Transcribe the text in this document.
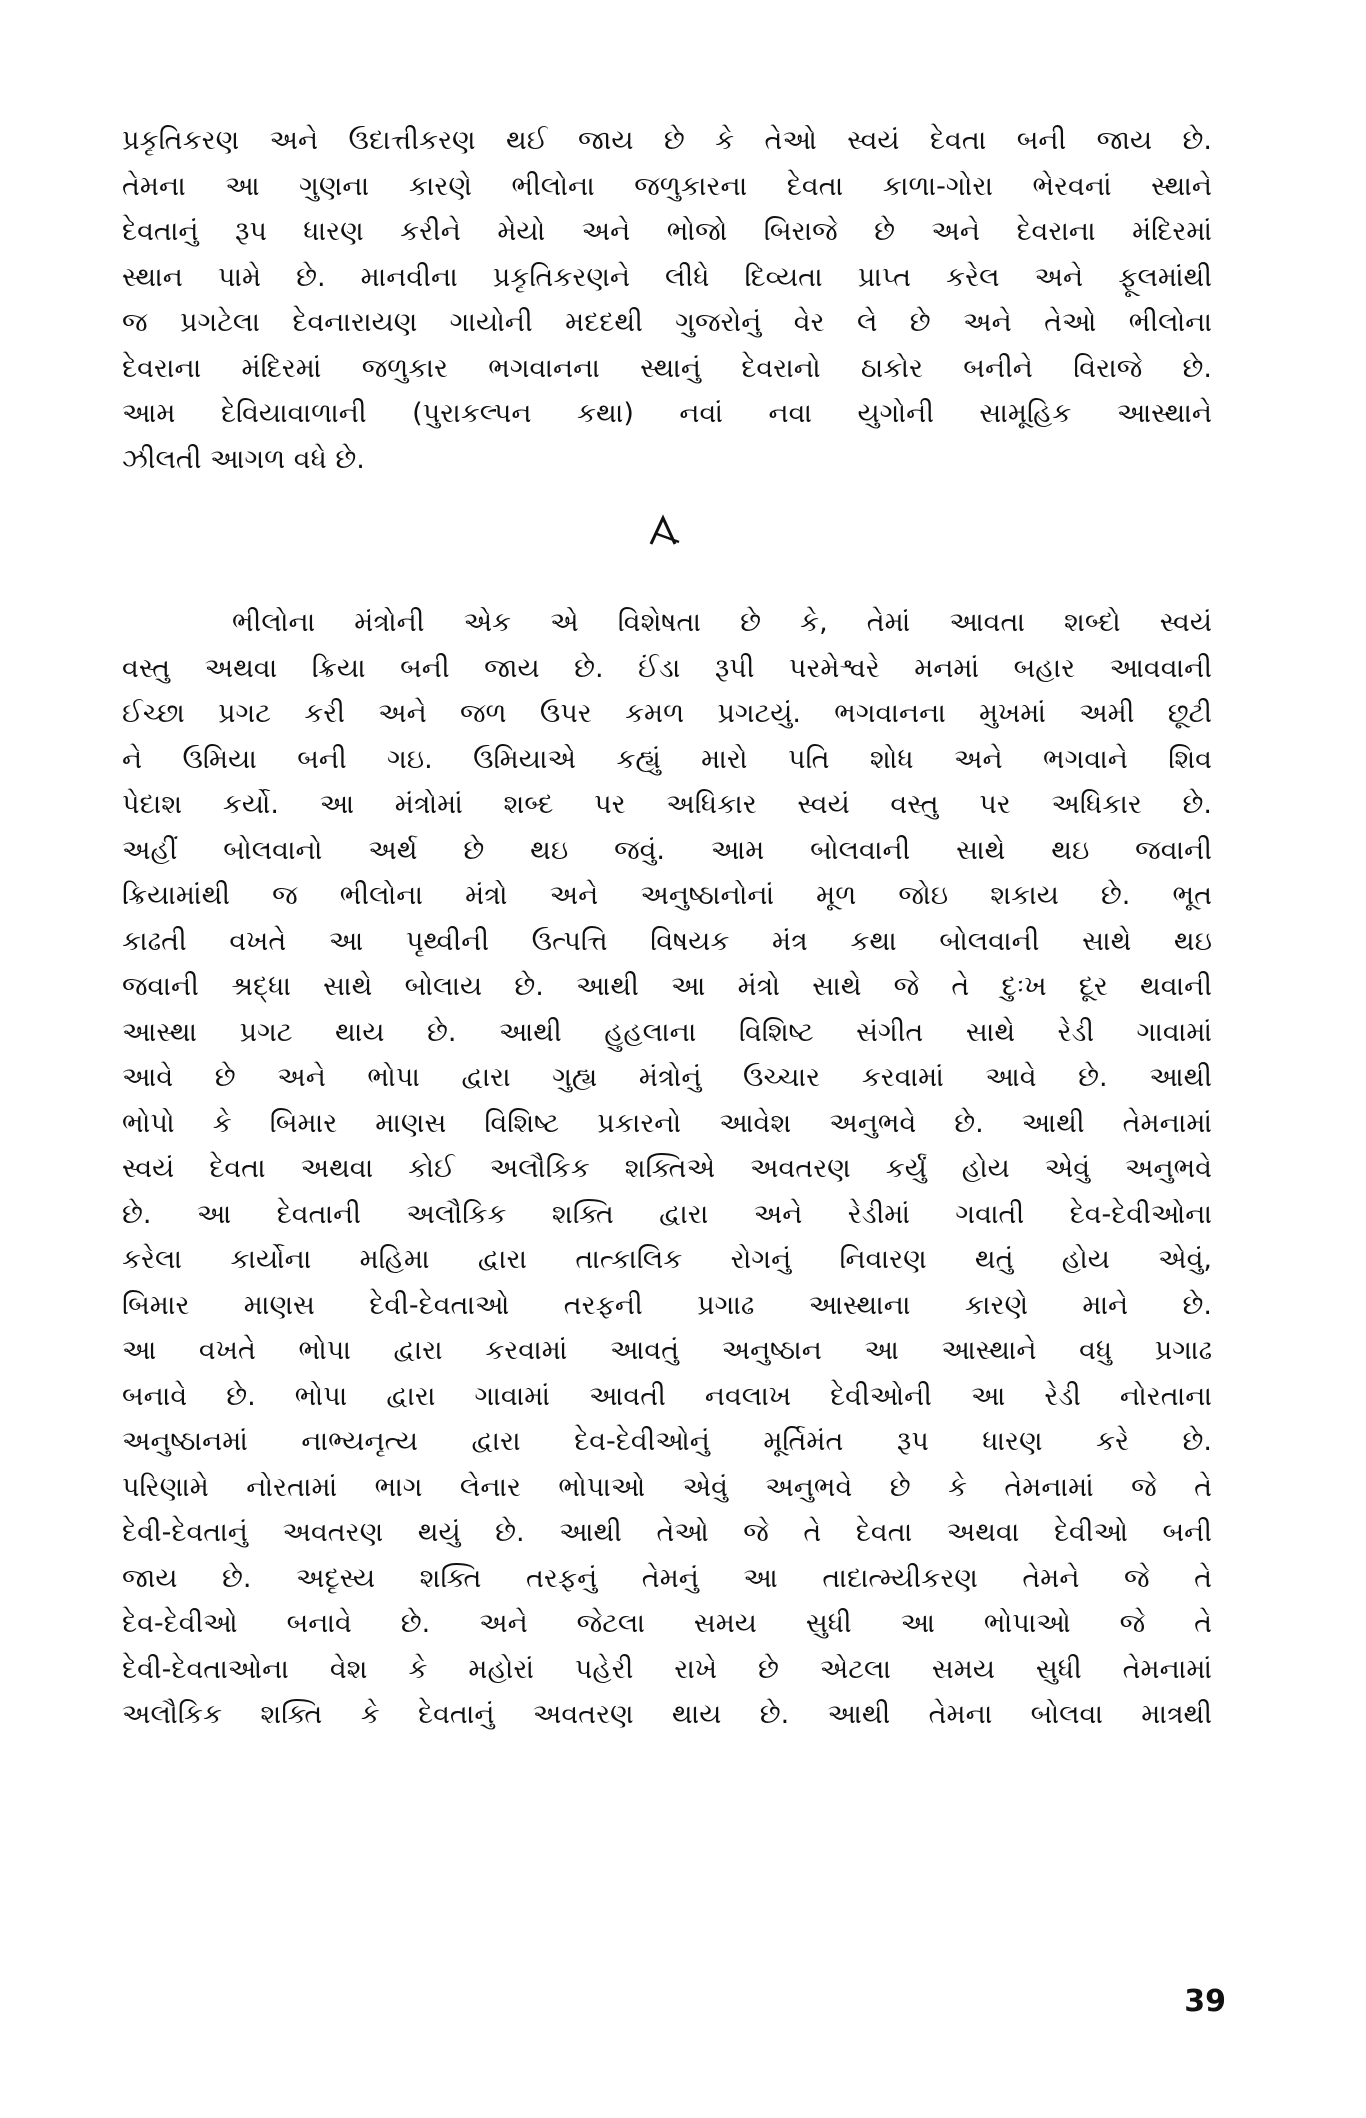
પ્રકૃતિકરણ અને ઉદાત્તીકરણ થઈ જાય છે કે તેઓ સ્વયં દેવતા બની જાય છે.
તેમના આ ગુણના કારણે ભીલોના જળુકારના દેવતા કાળા-ગોરા ભેરવનાં સ્થાને
દેવતાનું રૂપ ધારણ કરીને મેયો અને ભોજો બિરાજે છે અને દેવરાના મંદિરમાં
સ્થાન પામે છે. માનવીના પ્રકૃતિકરણને લીધે દિવ્યતા પ્રાપ્ત કરેલ અને ફૂલમાંથી
જ પ્રગટેલા દેવનારાયણ ગાયોની મદદથી ગુજરોનું વેર લે છે અને તેઓ ભીલોના
દેવરાના મંદિરમાં જળુકાર ભગવાનના સ્થાનું દેવરાનો ઠાકોર બનીને વિરાજે છે.
આમ દેવિયાવાળાની (પુરાકલ્પન કથા) નવાં નવા યુગોની સામૂહિક આસ્થાને
ઝીલતી આગળ વધે છે.
ભીલોના મંત્રોની એક એ વિશેષતા છે કે, તેમાં આવતા શબ્દો સ્વયં
વસ્તુ અથવા ક્રિયા બની જાય છે. ઈંડા રૂપી પરમેશ્વરે મનમાં બહાર આવવાની
ઈચ્છા પ્રગટ કરી અને જળ ઉપર કમળ પ્રગટયું. ભગવાનના મુખમાં અમી છૂટી
ને ઉમિયા બની ગઇ. ઉમિયાએ કહ્યું મારો પતિ શોધ અને ભગવાને શિવ
પેદાશ કર્યો. આ મંત્રોમાં શબ્દ પર અધિકાર સ્વયં વસ્તુ પર અધિકાર છે.
અહીં બોલવાનો અર્થ છે થઇ જવું. આમ બોલવાની સાથે થઇ જવાની
ક્રિયામાંથી જ ભીલોના મંત્રો અને અનુષ્ઠાનોનાં મૂળ જોઇ શકાય છે. ભૂત
કાઢતી વખતે આ પૃથ્વીની ઉત્પત્તિ વિષયક મંત્ર કથા બોલવાની સાથે થઇ
જવાની શ્રદ્ધા સાથે બોલાય છે. આથી આ મંત્રો સાથે જે તે દુઃખ દૂર થવાની
આસ્થા પ્રગટ થાય છે. આથી હુહલાના વિશિષ્ટ સંગીત સાથે રેડી ગાવામાં
આવે છે અને ભોપા દ્વારા ગુહ્ય મંત્રોનું ઉચ્ચાર કરવામાં આવે છે. આથી
ભોપો કે બિમાર માણસ વિશિષ્ટ પ્રકારનો આવેશ અનુભવે છે. આથી તેમનામાં
સ્વયં દેવતા અથવા કોઈ અલૌકિક શક્તિએ અવતરણ કર્યું હોય એવું અનુભવે
છે. આ દેવતાની અલૌકિક શક્તિ દ્વારા અને રેડીમાં ગવાતી દેવ-દેવીઓના
કરેલા કાર્યોના મહિમા દ્વારા તાત્કાલિક રોગનું નિવારણ થતું હોય એવું,
બિમાર માણસ દેવી-દેવતાઓ તરફની પ્રગાઢ આસ્થાના કારણે માને છે.
આ વખતે ભોપા દ્વારા કરવામાં આવતું અનુષ્ઠાન આ આસ્થાને વધુ પ્રગાઢ
બનાવે છે. ભોપા દ્વારા ગાવામાં આવતી નવલાખ દેવીઓની આ રેડી નોરતાના
અનુષ્ઠાનમાં નાભ્યનૃત્ય દ્વારા દેવ-દેવીઓનું મૂર્તિમંત રૂપ ધારણ કરે છે.
પરિણામે નોરતામાં ભાગ લેનાર ભોપાઓ એવું અનુભવે છે કે તેમનામાં જે તે
દેવી-દેવતાનું અવતરણ થયું છે. આથી તેઓ જે તે દેવતા અથવા દેવીઓ બની
જાય છે. અદૃસ્ય શક્તિ તરફનું તેમનું આ તાદાત્મ્યીકરણ તેમને જે તે
દેવ-દેવીઓ બનાવે છે. અને જેટલા સમય સુધી આ ભોપાઓ જે તે
દેવી-દેવતાઓના વેશ કે મહોરાં પહેરી રાખે છે એટલા સમય સુધી તેમનામાં
અલૌકિક શક્તિ કે દેવતાનું અવતરણ થાય છે. આથી તેમના બોલવા માત્રથી
39
